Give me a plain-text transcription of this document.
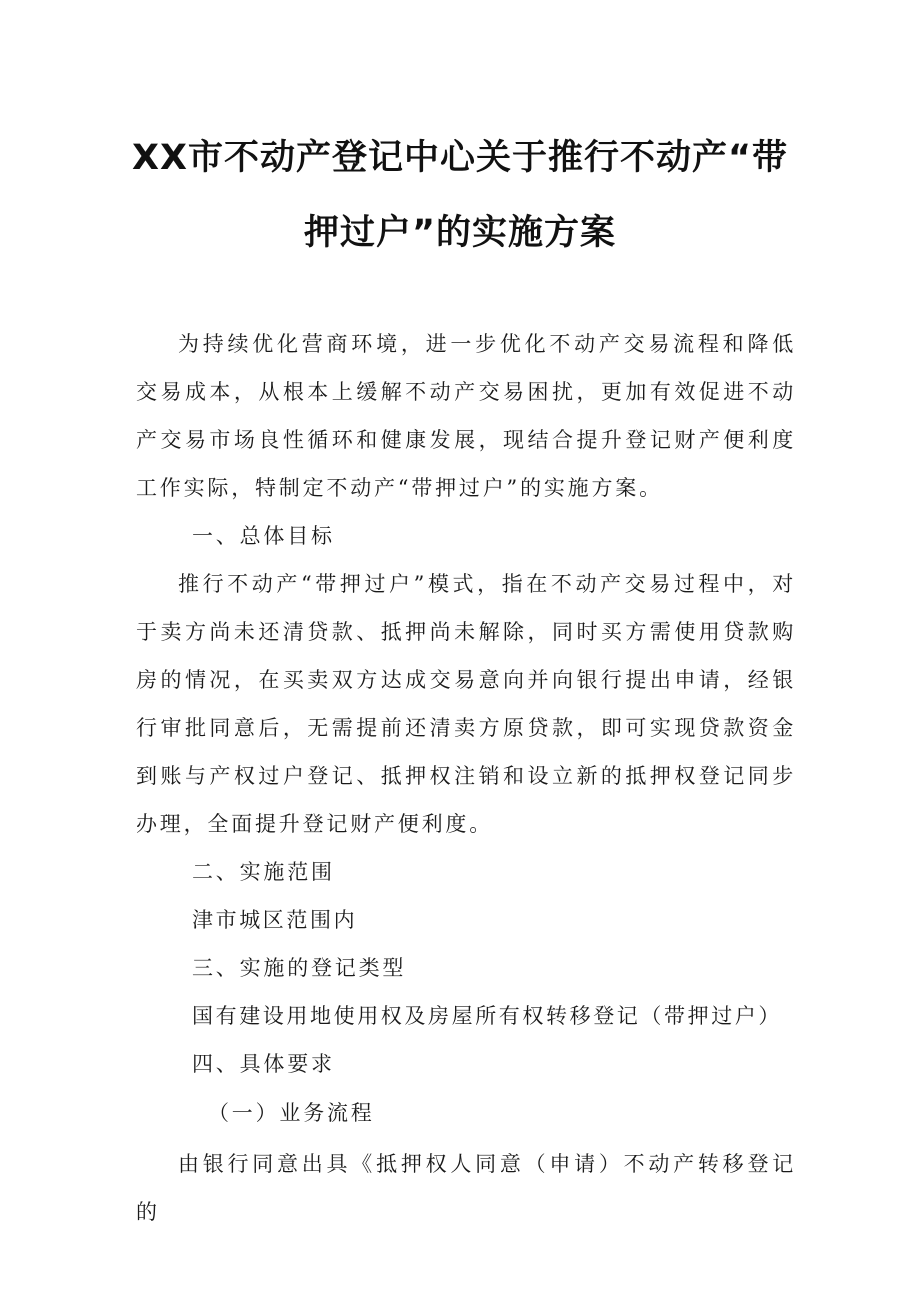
XX市不动产登记中心关于推行不动产“带
押过户”的实施方案

为持续优化营商环境，进一步优化不动产交易流程和降低交易成本，从根本上缓解不动产交易困扰，更加有效促进不动产交易市场良性循环和健康发展，现结合提升登记财产便利度工作实际，特制定不动产“带押过户”的实施方案。

一、总体目标

推行不动产“带押过户”模式，指在不动产交易过程中，对于卖方尚未还清贷款、抵押尚未解除，同时买方需使用贷款购房的情况，在买卖双方达成交易意向并向银行提出申请，经银行审批同意后，无需提前还清卖方原贷款，即可实现贷款资金到账与产权过户登记、抵押权注销和设立新的抵押权登记同步办理，全面提升登记财产便利度。

二、实施范围

津市城区范围内

三、实施的登记类型

国有建设用地使用权及房屋所有权转移登记（带押过户）

四、具体要求

（一）业务流程

由银行同意出具《抵押权人同意（申请）不动产转移登记的
